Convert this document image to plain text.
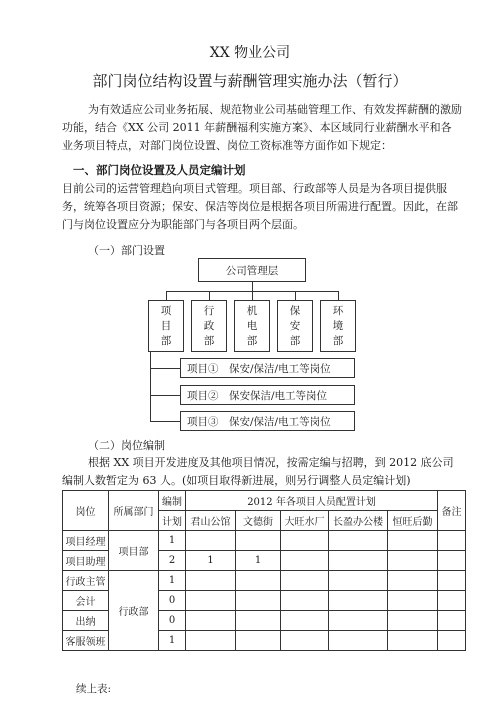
XX 物业公司
部门岗位结构设置与薪酬管理实施办法（暂行）
为有效适应公司业务拓展、规范物业公司基础管理工作、有效发挥薪酬的激励功能，结合《XX 公司 2011 年薪酬福利实施方案》、本区域同行业薪酬水平和各业务项目特点，对部门岗位设置、岗位工资标准等方面作如下规定：
一、部门岗位设置及人员定编计划
目前公司的运营管理趋向项目式管理。项目部、行政部等人员是为各项目提供服务，统筹各项目资源；保安、保洁等岗位是根据各项目所需进行配置。因此，在部门与岗位设置应分为职能部门与各项目两个层面。
（一）部门设置
公司管理层
项
目
部
行
政
部
机
电
部
保
安
部
环
境
部
项目①　保安/保洁/电工等岗位
项目②　保安保洁/电工等岗位
项目③　保安/保洁/电工等岗位
（二）岗位编制
根据 XX 项目开发进度及其他项目情况，按需定编与招聘，到 2012 底公司编制人数暂定为 63 人。(如项目取得新进展，则另行调整人员定编计划)
岗位	所属部门	编制	2012 年各项目人员配置计划					备注
		计划	君山公馆	文德街	大旺水厂	长盈办公楼	恒旺后勤	
项目经理	项目部	1						
项目助理		2	1	1				
行政主管	行政部	1						
会计		0						
出纳		0						
客服领班		1						
续上表:
